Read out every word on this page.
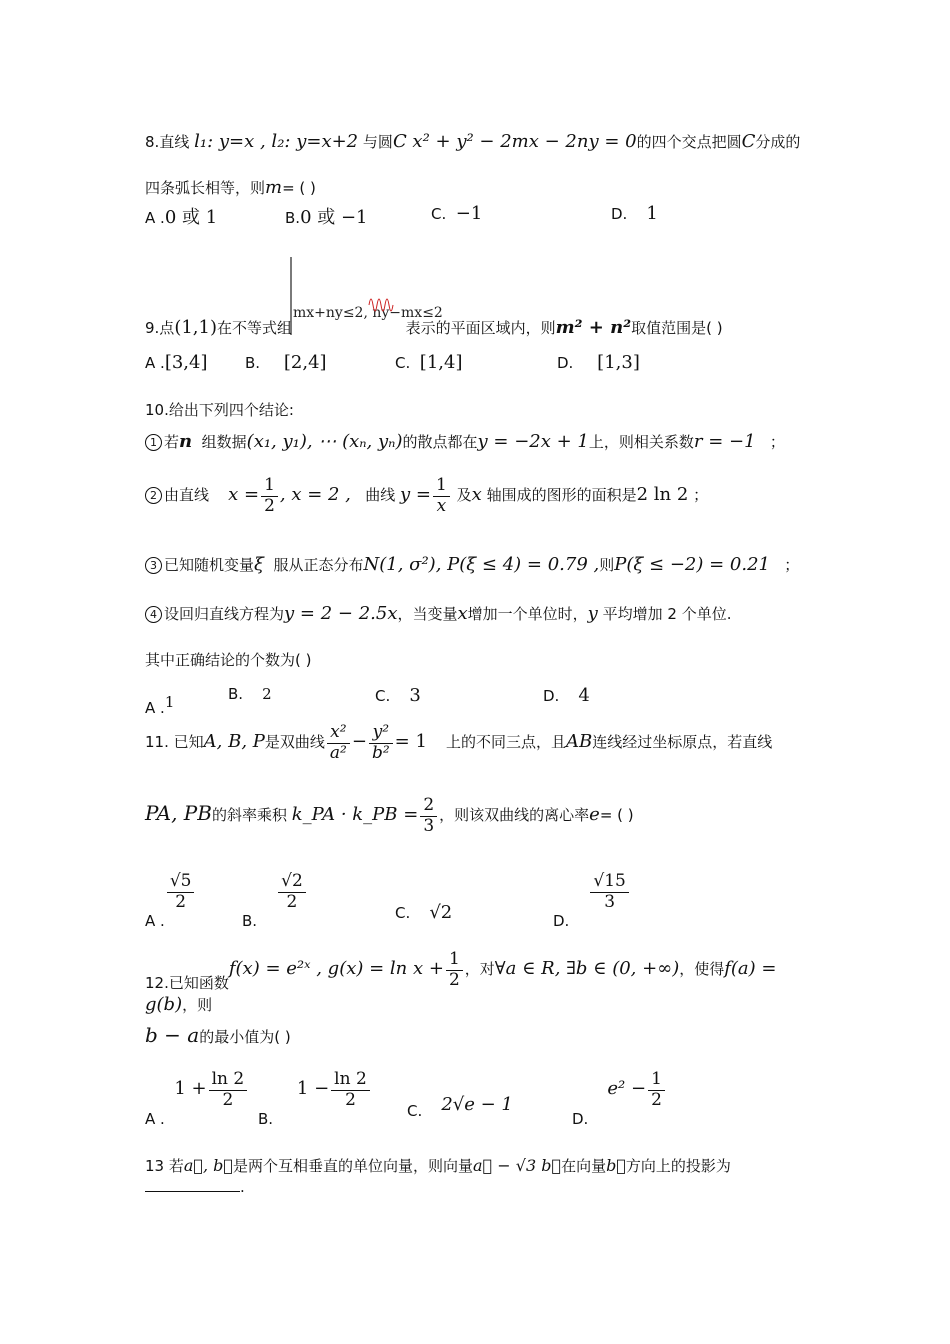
8.直线 l₁: y=x , l₂: y=x+2 与圆C x² + y² − 2mx − 2ny = 0的四个交点把圆C分成的
四条弧长相等，则m= ( )
A .0 或 1	B.0 或 −1	C. −1	D. 1
mx+ny≤2, ny−mx≤2
9.点(1,1)在不等式组	表示的平面区域内，则m² + n²取值范围是( )
A .[3,4]	B. [2,4]	C. [1,4]	D. [1,3]
10.给出下列四个结论:
1 若n 组数据(x₁, y₁), ⋯ (xₙ, yₙ)的散点都在y = −2x + 1上，则相关系数r = −1 ；
2 由直线 $x = \frac{1}{2}$ , x = 2 , 曲线 $y = \frac{1}{x}$ 及x 轴围成的图形的面积是2 ln 2 ；
3 已知随机变量ξ 服从正态分布N(1, σ²), P(ξ ≤ 4) = 0.79 ,则P(ξ ≤ −2) = 0.21 ；
4 设回归直线方程为y = 2 − 2.5x，当变量x增加一个单位时，y 平均增加 2 个单位.
其中正确结论的个数为( )
A .$^1$	B. 2	C. 3	D. 4
11. 已知A, B, P是双曲线 $\frac{\text{x²}}{\text{a²}} - \frac{\text{y²}}{\text{b²}} = 1$ 上的不同三点，且AB连线经过坐标原点，若直线
PA, PB的斜率乘积 k_PA · k_PB = $\frac{2}{3}$ ，则该双曲线的离心率e= ( )
A .
$\frac{√5}{2}$
B.
$\frac{√2}{2}$
C. √2	D.
$\frac{√15}{3}$
12.已知函数f(x) = e²ˣ , $g(x) = \ln x + \frac{1}{2}$ ，对∀a ∈ R, ∃b ∈ (0, +∞)，使得f(a) = g(b)，则
b − a的最小值为( )
A .  $1 + \frac{\ln 2}{2}$
B.     $1 - \frac{\ln 2}{2}$
C. 2√e − 1
D.    $e^2 - \frac{1}{2}$
13 若a⃗, b⃗是两个互相垂直的单位向量，则向量a⃗ − √3 b⃗在向量b⃗方向上的投影为.
